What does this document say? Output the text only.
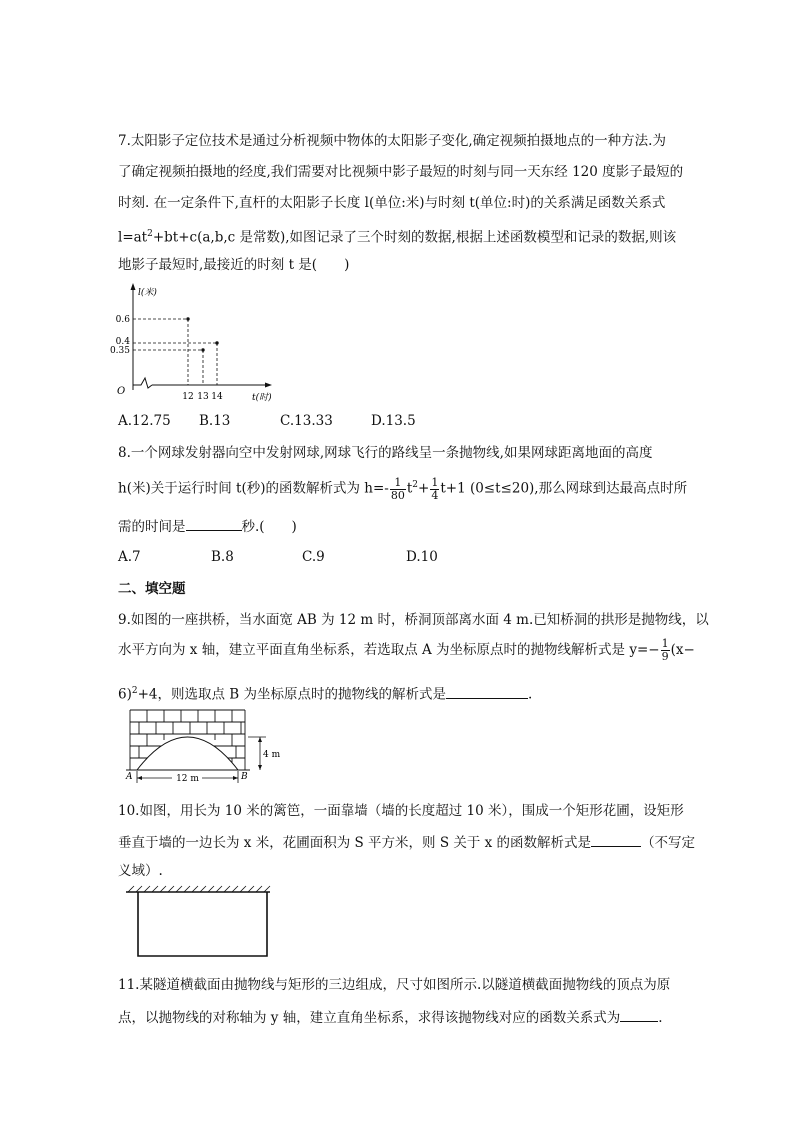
7.太阳影子定位技术是通过分析视频中物体的太阳影子变化,确定视频拍摄地点的一种方法.为
了确定视频拍摄地的经度,我们需要对比视频中影子最短的时刻与同一天东经 120 度影子最短的
时刻. 在一定条件下,直杆的太阳影子长度 l(单位:米)与时刻 t(单位:时)的关系满足函数关系式
$l=at^2+bt+c(a,b,c$ 是常数),如图记录了三个时刻的数据,根据上述函数模型和记录的数据,则该
地影子最短时,最接近的时刻 t 是(　　)
l(米)
O
t(时)
0.6
0.4
0.35
12 13 14
A.12.75 B.13	C.13.33	D.13.5
8.一个网球发射器向空中发射网球,网球飞行的路线呈一条抛物线,如果网球距离地面的高度
h(米)关于运行时间 t(秒)的函数解析式为 $h=- \frac{1}{80} t^2+ \frac{1}{4} t+1$ (0≤t≤20),那么网球到达最高点时所
需的时间是	秒.(　　)
A.7	B.8	C.9	D.10
二、填空题
9.如图的一座拱桥，当水面宽 AB 为 12 m 时，桥洞顶部离水面 4 m.已知桥洞的拱形是抛物线，以
水平方向为 x 轴，建立平面直角坐标系，若选取点 A 为坐标原点时的抛物线解析式是 $y=- \frac{1}{9} (x-$
6)$^2$+4，则选取点 B 为坐标原点时的抛物线的解析式是	.
4 m
12 m
A	B
10.如图，用长为 10 米的篱笆，一面靠墙（墙的长度超过 10 米），围成一个矩形花圃，设矩形
垂直于墙的一边长为 x 米，花圃面积为 S 平方米，则 S 关于 x 的函数解析式是	（不写定
义域）.
11.某隧道横截面由抛物线与矩形的三边组成，尺寸如图所示.以隧道横截面抛物线的顶点为原
点，以抛物线的对称轴为 y 轴，建立直角坐标系，求得该抛物线对应的函数关系式为	.
